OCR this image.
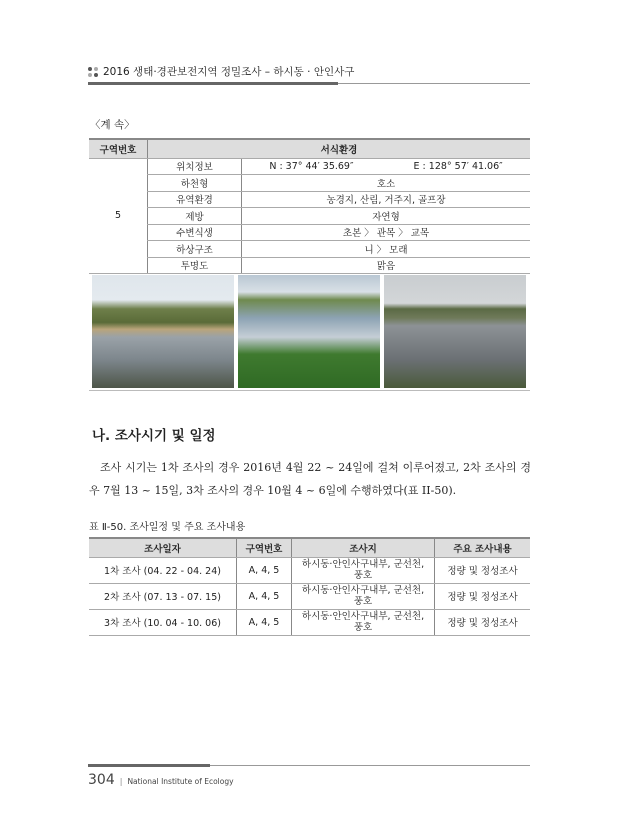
2016 생태·경관보전지역 정밀조사 – 하시동 · 안인사구
〈계 속〉
구역번호	서식환경	
5	위치정보	N : 37° 44′ 35.69″ E : 128° 57′ 41.06″
	하천형	호소
	유역환경	농경지, 산림, 거주지, 골프장
	제방	자연형
	수변식생	초본 〉 관목 〉 교목
	하상구조	니 〉 모래
	투명도	맑음
나. 조사시기 및 일정

조사 시기는 1차 조사의 경우 2016년 4월 22 ~ 24일에 걸쳐 이루어졌고, 2차 조사의 경우 7월 13 ~ 15일, 3차 조사의 경우 10월 4 ~ 6일에 수행하였다(표 II-50).

표 Ⅱ-50. 조사일정 및 주요 조사내용
조사일자	구역번호	조사지	주요 조사내용
1차 조사 (04. 22 - 04. 24)	A, 4, 5	하시동·안인사구내부, 군선천, 풍호	정량 및 정성조사
2차 조사 (07. 13 - 07. 15)	A, 4, 5	하시동·안인사구내부, 군선천, 풍호	정량 및 정성조사
3차 조사 (10. 04 - 10. 06)	A, 4, 5	하시동·안인사구내부, 군선천, 풍호	정량 및 정성조사
304 | National Institute of Ecology
